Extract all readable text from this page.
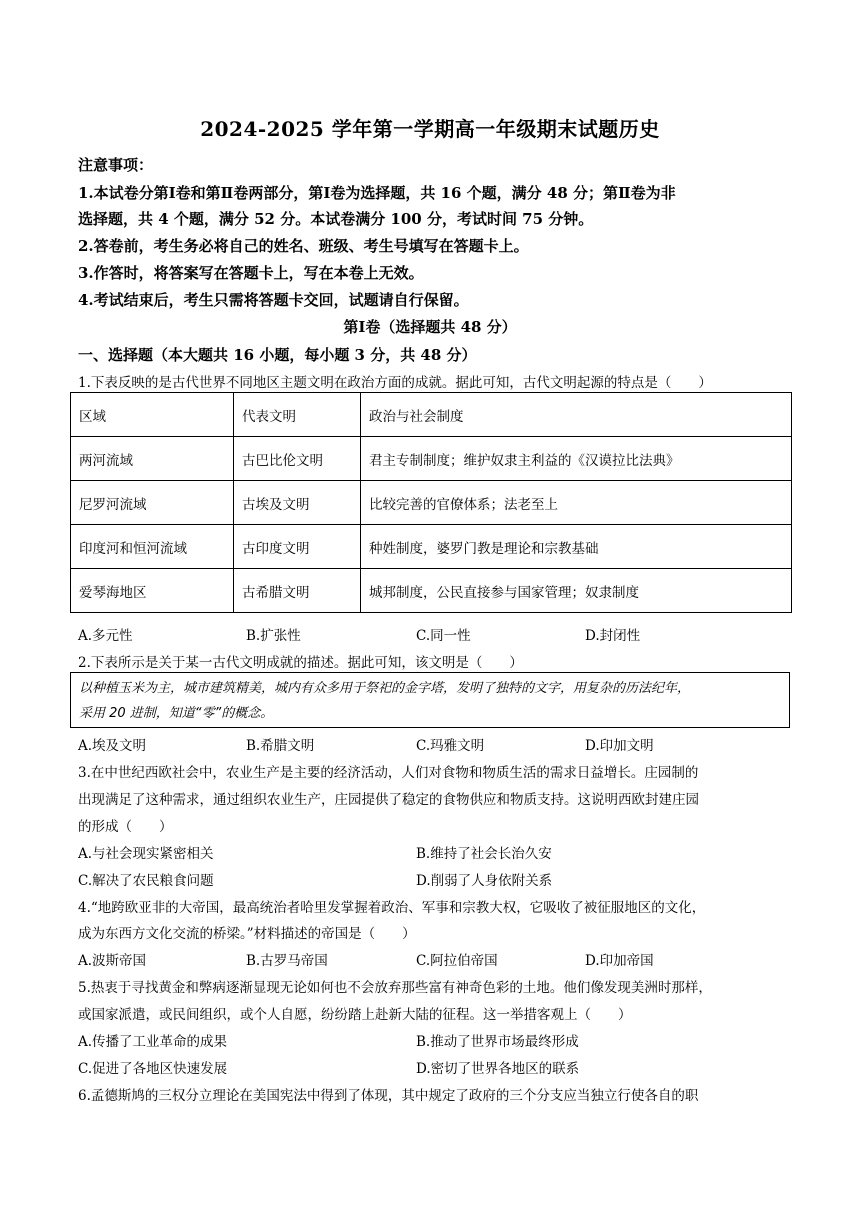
2024-2025 学年第一学期高一年级期末试题历史
注意事项：
1.本试卷分第Ⅰ卷和第Ⅱ卷两部分，第Ⅰ卷为选择题，共 16 个题，满分 48 分；第Ⅱ卷为非
选择题，共 4 个题，满分 52 分。本试卷满分 100 分，考试时间 75 分钟。
2.答卷前，考生务必将自己的姓名、班级、考生号填写在答题卡上。
3.作答时，将答案写在答题卡上，写在本卷上无效。
4.考试结束后，考生只需将答题卡交回，试题请自行保留。
第Ⅰ卷（选择题共 48 分）
一、选择题（本大题共 16 小题，每小题 3 分，共 48 分）
1.下表反映的是古代世界不同地区主题文明在政治方面的成就。据此可知，古代文明起源的特点是（　　）
区域	代表文明	政治与社会制度
两河流域	古巴比伦文明	君主专制制度；维护奴隶主利益的《汉谟拉比法典》
尼罗河流域	古埃及文明	比较完善的官僚体系；法老至上
印度河和恒河流域	古印度文明	种姓制度，婆罗门教是理论和宗教基础
爱琴海地区	古希腊文明	城邦制度，公民直接参与国家管理；奴隶制度
A.多元性	B.扩张性	C.同一性	D.封闭性
2.下表所示是关于某一古代文明成就的描述。据此可知，该文明是（　　）
以种植玉米为主，城市建筑精美，城内有众多用于祭祀的金字塔，发明了独特的文字，用复杂的历法纪年，
采用 20 进制，知道“零”的概念。
A.埃及文明	B.希腊文明	C.玛雅文明	D.印加文明
3.在中世纪西欧社会中，农业生产是主要的经济活动，人们对食物和物质生活的需求日益增长。庄园制的
出现满足了这种需求，通过组织农业生产，庄园提供了稳定的食物供应和物质支持。这说明西欧封建庄园
的形成（　　）
A.与社会现实紧密相关	B.维持了社会长治久安
C.解决了农民粮食问题	D.削弱了人身依附关系
4.“地跨欧亚非的大帝国，最高统治者哈里发掌握着政治、军事和宗教大权，它吸收了被征服地区的文化，
成为东西方文化交流的桥梁。”材料描述的帝国是（　　）
A.波斯帝国	B.古罗马帝国	C.阿拉伯帝国	D.印加帝国
5.热衷于寻找黄金和弊病逐渐显现无论如何也不会放弃那些富有神奇色彩的土地。他们像发现美洲时那样，
或国家派遣，或民间组织，或个人自愿，纷纷踏上赴新大陆的征程。这一举措客观上（　　）
A.传播了工业革命的成果	B.推动了世界市场最终形成
C.促进了各地区快速发展	D.密切了世界各地区的联系
6.孟德斯鸠的三权分立理论在美国宪法中得到了体现，其中规定了政府的三个分支应当独立行使各自的职
